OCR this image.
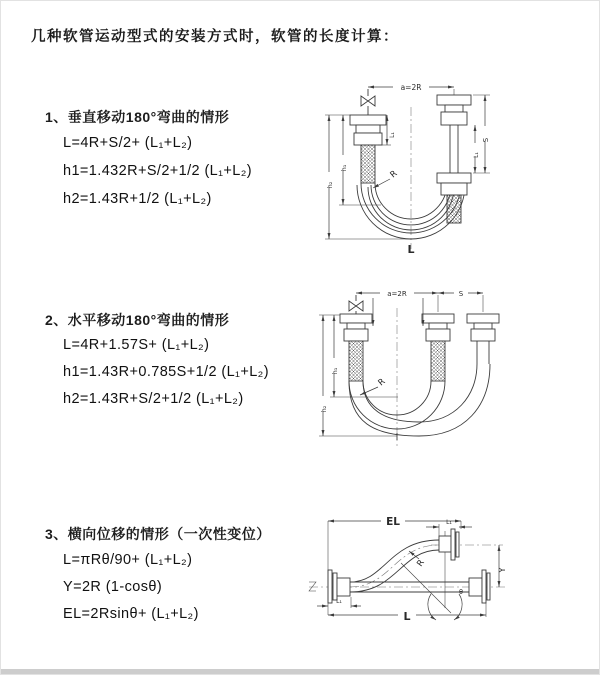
几种软管运动型式的安装方式时，软管的长度计算：
1、垂直移动180°弯曲的情形
L=4R+S/2+ (L₁+L₂)
h1=1.432R+S/2+1/2 (L₁+L₂)
h2=1.43R+1/2 (L₁+L₂)
2、水平移动180°弯曲的情形
L=4R+1.57S+ (L₁+L₂)
h1=1.43R+0.785S+1/2 (L₁+L₂)
h2=1.43R+S/2+1/2 (L₁+L₂)
3、横向位移的情形（一次性变位）
L=πRθ/90+ (L₁+L₂)
Y=2R (1-cosθ)
EL=2Rsinθ+ (L₁+L₂)
a=2R
S
L₁
L₁
h₁
h₂
R
L
a=2R	S
h₁
h₂
R
θ
EL	L₁
Y
R
L
L₁
